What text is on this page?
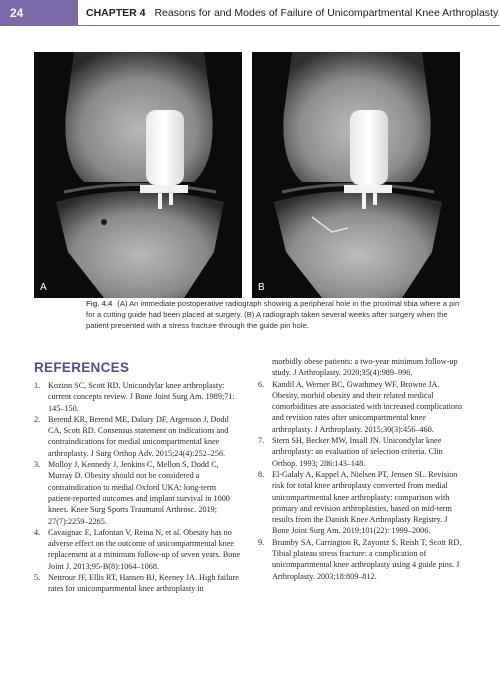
24	CHAPTER 4 Reasons for and Modes of Failure of Unicompartmental Knee Arthroplasty
A	B
Fig. 4.4 (A) An immediate postoperative radiograph showing a peripheral hole in the proximal tibia where a pin for a cutting guide had been placed at surgery. (B) A radiograph taken several weeks after surgery when the patient presented with a stress fracture through the guide pin hole.
REFERENCES
1. Kozinn SC, Scott RD. Unicondylar knee arthroplasty: current concepts review. J Bone Joint Surg Am. 1989;71: 145–150.
2. Berend KR, Berend ME, Dalury DF, Argenson J, Dodd CA, Scott RD. Consensus statement on indications and contraindications for medial unicompartmental knee arthroplasty. J Surg Orthop Adv. 2015;24(4):252–256.
3. Molloy J, Kennedy J, Jenkins C, Mellon S, Dodd C, Murray D. Obesity should not be considered a contraindication to medial Oxford UKA: long-term patient-reported outcomes and implant survival in 1000 knees. Knee Surg Sports Traumatol Arthrosc. 2019; 27(7):2259–2265.
4. Cavaignac E, Lafontan V, Reina N, et al. Obesity has no adverse effect on the outcome of unicompartmental knee replacement at a minimum follow-up of seven years. Bone Joint J. 2013;95-B(8):1064–1068.
5. Nettrour JF, Ellis RT, Hansen BJ, Keeney JA. High failure rates for unicompartmental knee arthroplasty in
morbidly obese patients: a two-year minimum follow-up study. J Arthroplasty. 2020;35(4):989–996.
6. Kandil A, Werner BC, Gwathmey WF, Browne JA. Obesity, morbid obesity and their related medical comorbidities are associated with increased complications and revision rates after unicompartmental knee arthroplasty. J Arthroplasty. 2015;30(3):456–460.
7. Stern SH, Becker MW, Insall JN. Unicondylar knee arthroplasty: an evaluation of selection criteria. Clin Orthop. 1993; 286:143–148.
8. El-Galaly A, Kappel A, Nielsen PT, Jensen SL. Revision risk for total knee arthroplasty converted from medial unicompartmental knee arthroplasty: comparison with primary and revision arthroplasties, based on mid-term results from the Danish Knee Arthroplasty Registry. J Bone Joint Surg Am. 2019;101(22): 1999–2006.
9. Brumby SA, Carrington R, Zayontz S, Reish T, Scott RD. Tibial plateau stress fracture: a complication of unicompartmental knee arthroplasty using 4 guide pins. J Arthroplasty. 2003;18:809–812.
